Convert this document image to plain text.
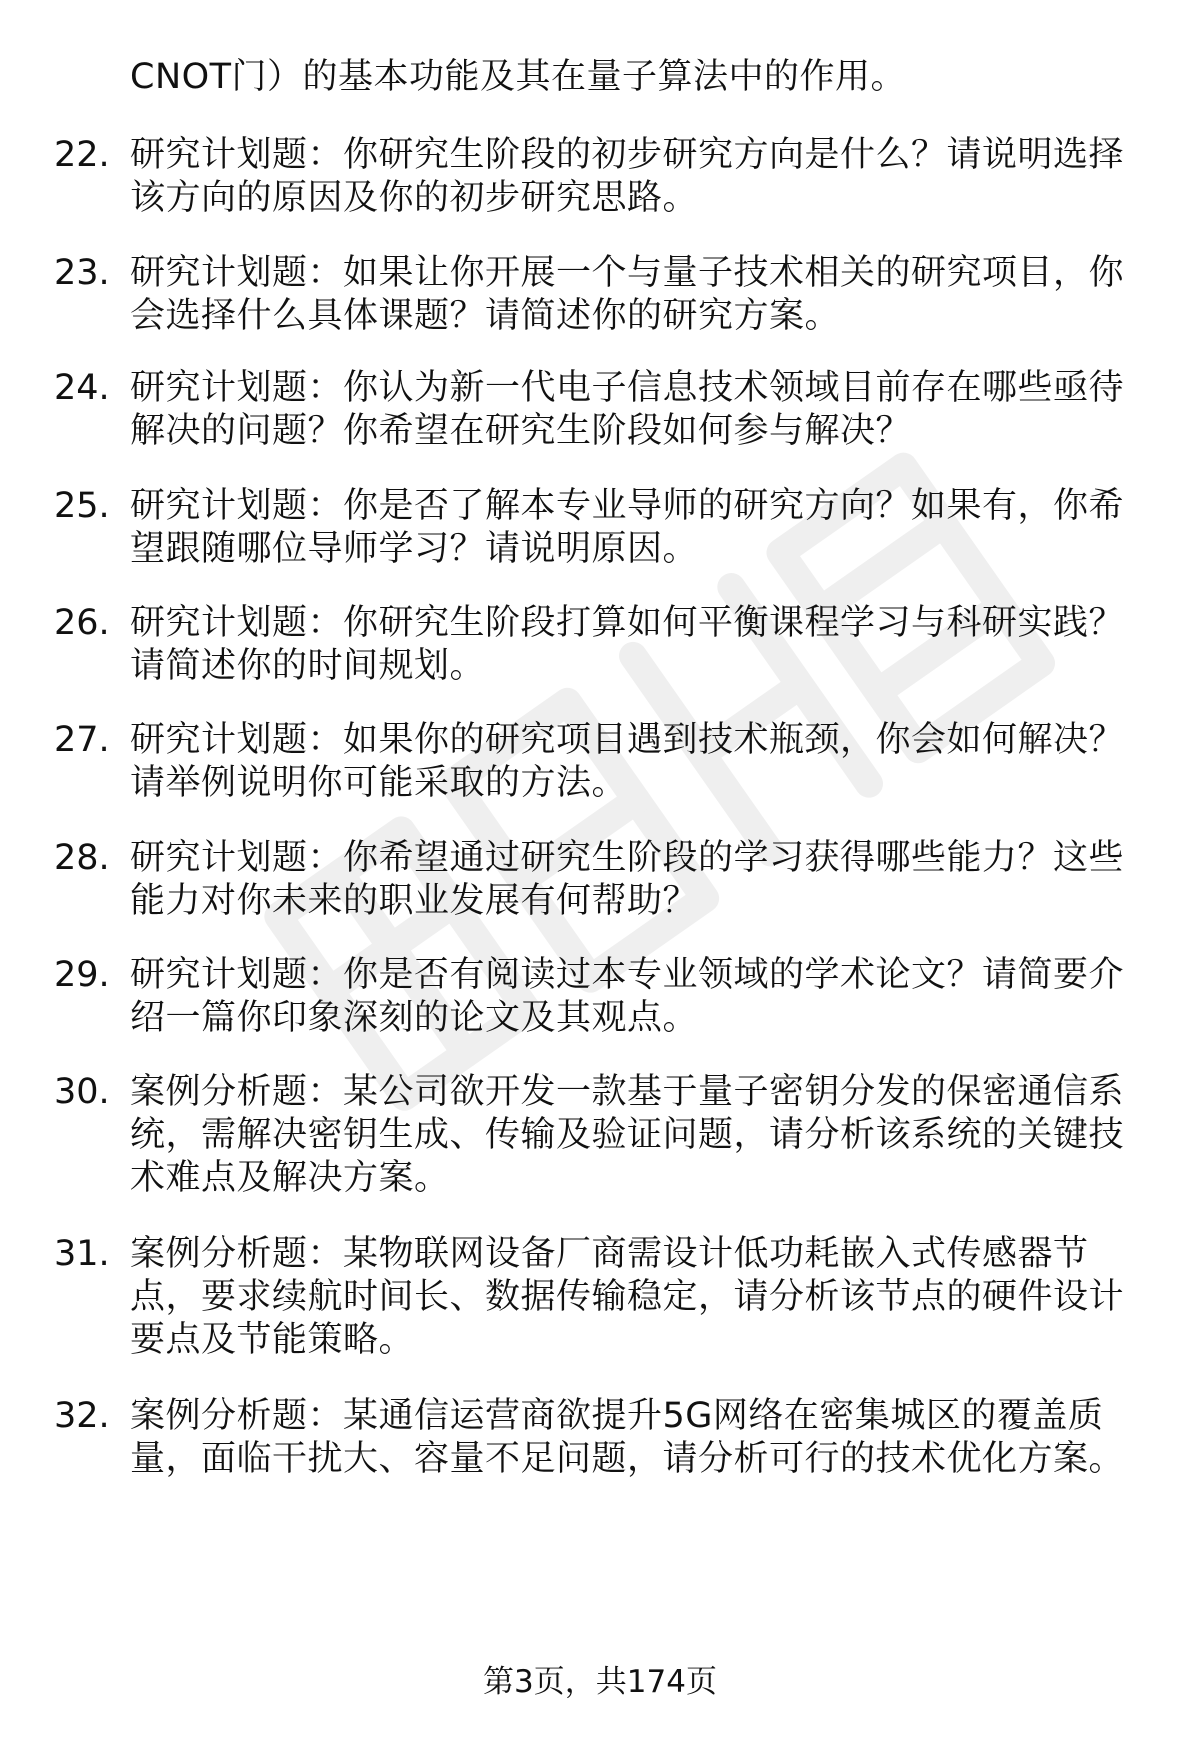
CNOT门）的基本功能及其在量子算法中的作用。
22. 研究计划题：你研究生阶段的初步研究方向是什么？请说明选择
该方向的原因及你的初步研究思路。
23. 研究计划题：如果让你开展一个与量子技术相关的研究项目，你
会选择什么具体课题？请简述你的研究方案。
24. 研究计划题：你认为新一代电子信息技术领域目前存在哪些亟待
解决的问题？你希望在研究生阶段如何参与解决？
25. 研究计划题：你是否了解本专业导师的研究方向？如果有，你希
望跟随哪位导师学习？请说明原因。
26. 研究计划题：你研究生阶段打算如何平衡课程学习与科研实践？
请简述你的时间规划。
27. 研究计划题：如果你的研究项目遇到技术瓶颈，你会如何解决？
请举例说明你可能采取的方法。
28. 研究计划题：你希望通过研究生阶段的学习获得哪些能力？这些
能力对你未来的职业发展有何帮助？
29. 研究计划题：你是否有阅读过本专业领域的学术论文？请简要介
绍一篇你印象深刻的论文及其观点。
30. 案例分析题：某公司欲开发一款基于量子密钥分发的保密通信系
统，需解决密钥生成、传输及验证问题，请分析该系统的关键技
术难点及解决方案。
31. 案例分析题：某物联网设备厂商需设计低功耗嵌入式传感器节
点，要求续航时间长、数据传输稳定，请分析该节点的硬件设计
要点及节能策略。
32. 案例分析题：某通信运营商欲提升5G网络在密集城区的覆盖质
量，面临干扰大、容量不足问题，请分析可行的技术优化方案。
第3页，共174页
